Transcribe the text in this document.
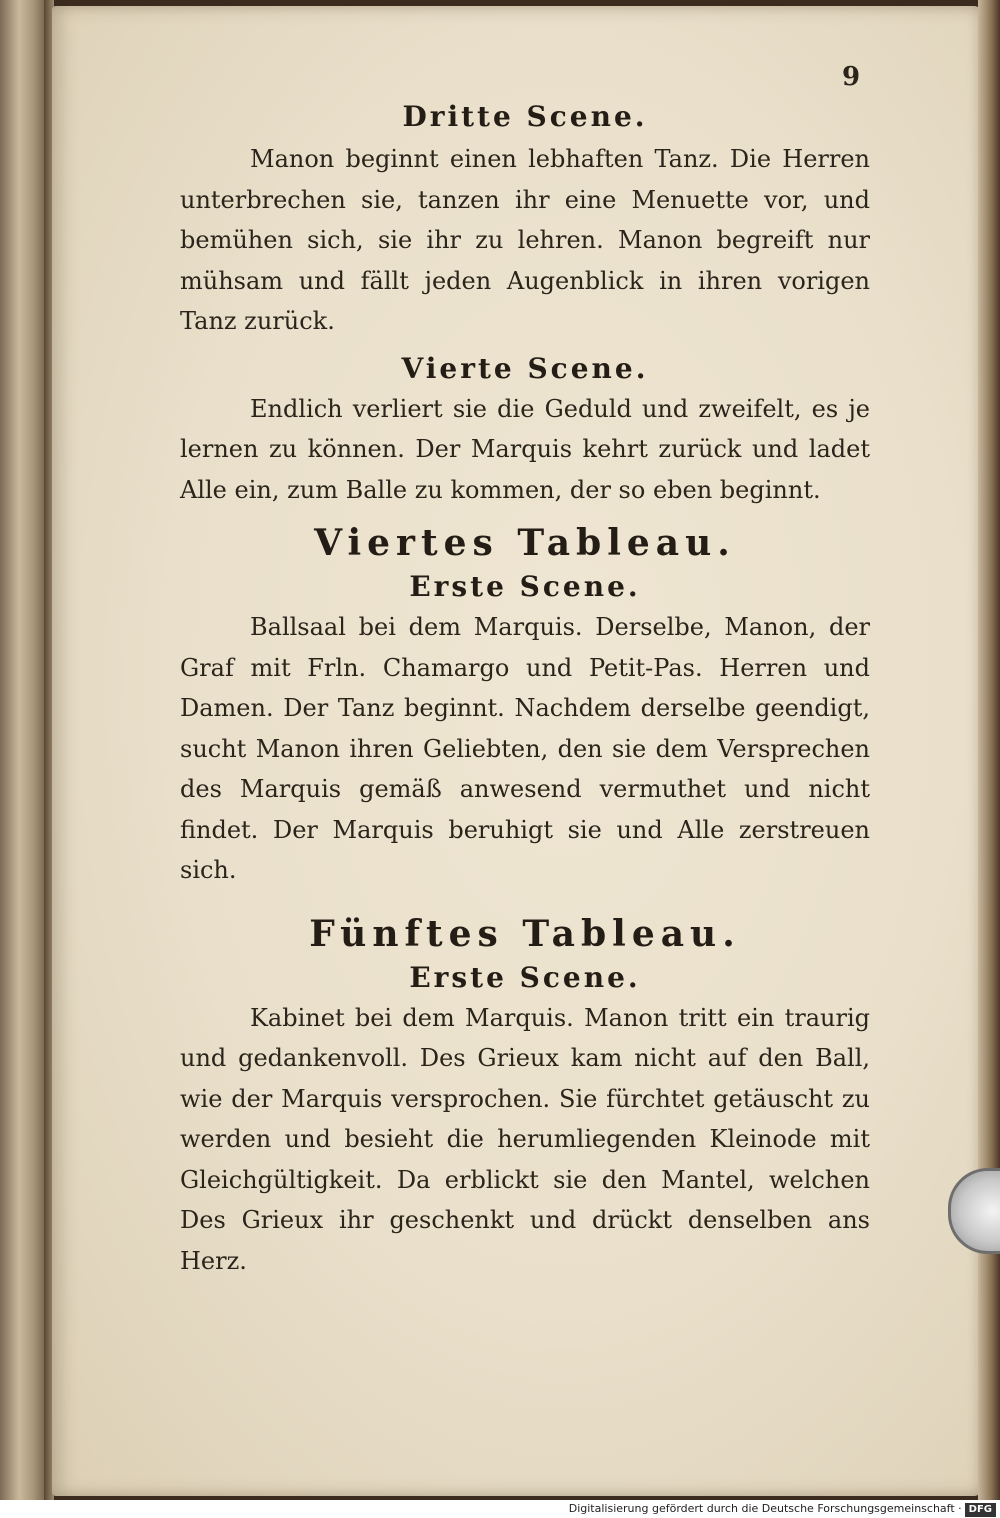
9
Dritte Scene.

Manon beginnt einen lebhaften Tanz. Die Herren unterbrechen sie, tanzen ihr eine Menuette vor, und bemühen sich, sie ihr zu lehren. Manon begreift nur mühsam und fällt jeden Augenblick in ihren vorigen Tanz zurück.

Vierte Scene.

Endlich verliert sie die Geduld und zweifelt, es je lernen zu können. Der Marquis kehrt zurück und ladet Alle ein, zum Balle zu kommen, der so eben beginnt.

Viertes Tableau.
Erste Scene.

Ballsaal bei dem Marquis. Derselbe, Manon, der Graf mit Frln. Chamargo und Petit-Pas. Herren und Damen. Der Tanz beginnt. Nachdem derselbe geendigt, sucht Manon ihren Geliebten, den sie dem Versprechen des Marquis gemäß anwesend vermuthet und nicht findet. Der Marquis beruhigt sie und Alle zerstreuen sich.

Fünftes Tableau.
Erste Scene.

Kabinet bei dem Marquis. Manon tritt ein traurig und gedankenvoll. Des Grieux kam nicht auf den Ball, wie der Marquis versprochen. Sie fürchtet getäuscht zu werden und besieht die herumliegenden Kleinode mit Gleichgültigkeit. Da erblickt sie den Mantel, welchen Des Grieux ihr geschenkt und drückt denselben ans Herz.

Digitalisierung gefördert durch die Deutsche Forschungsgemeinschaft · DFG
